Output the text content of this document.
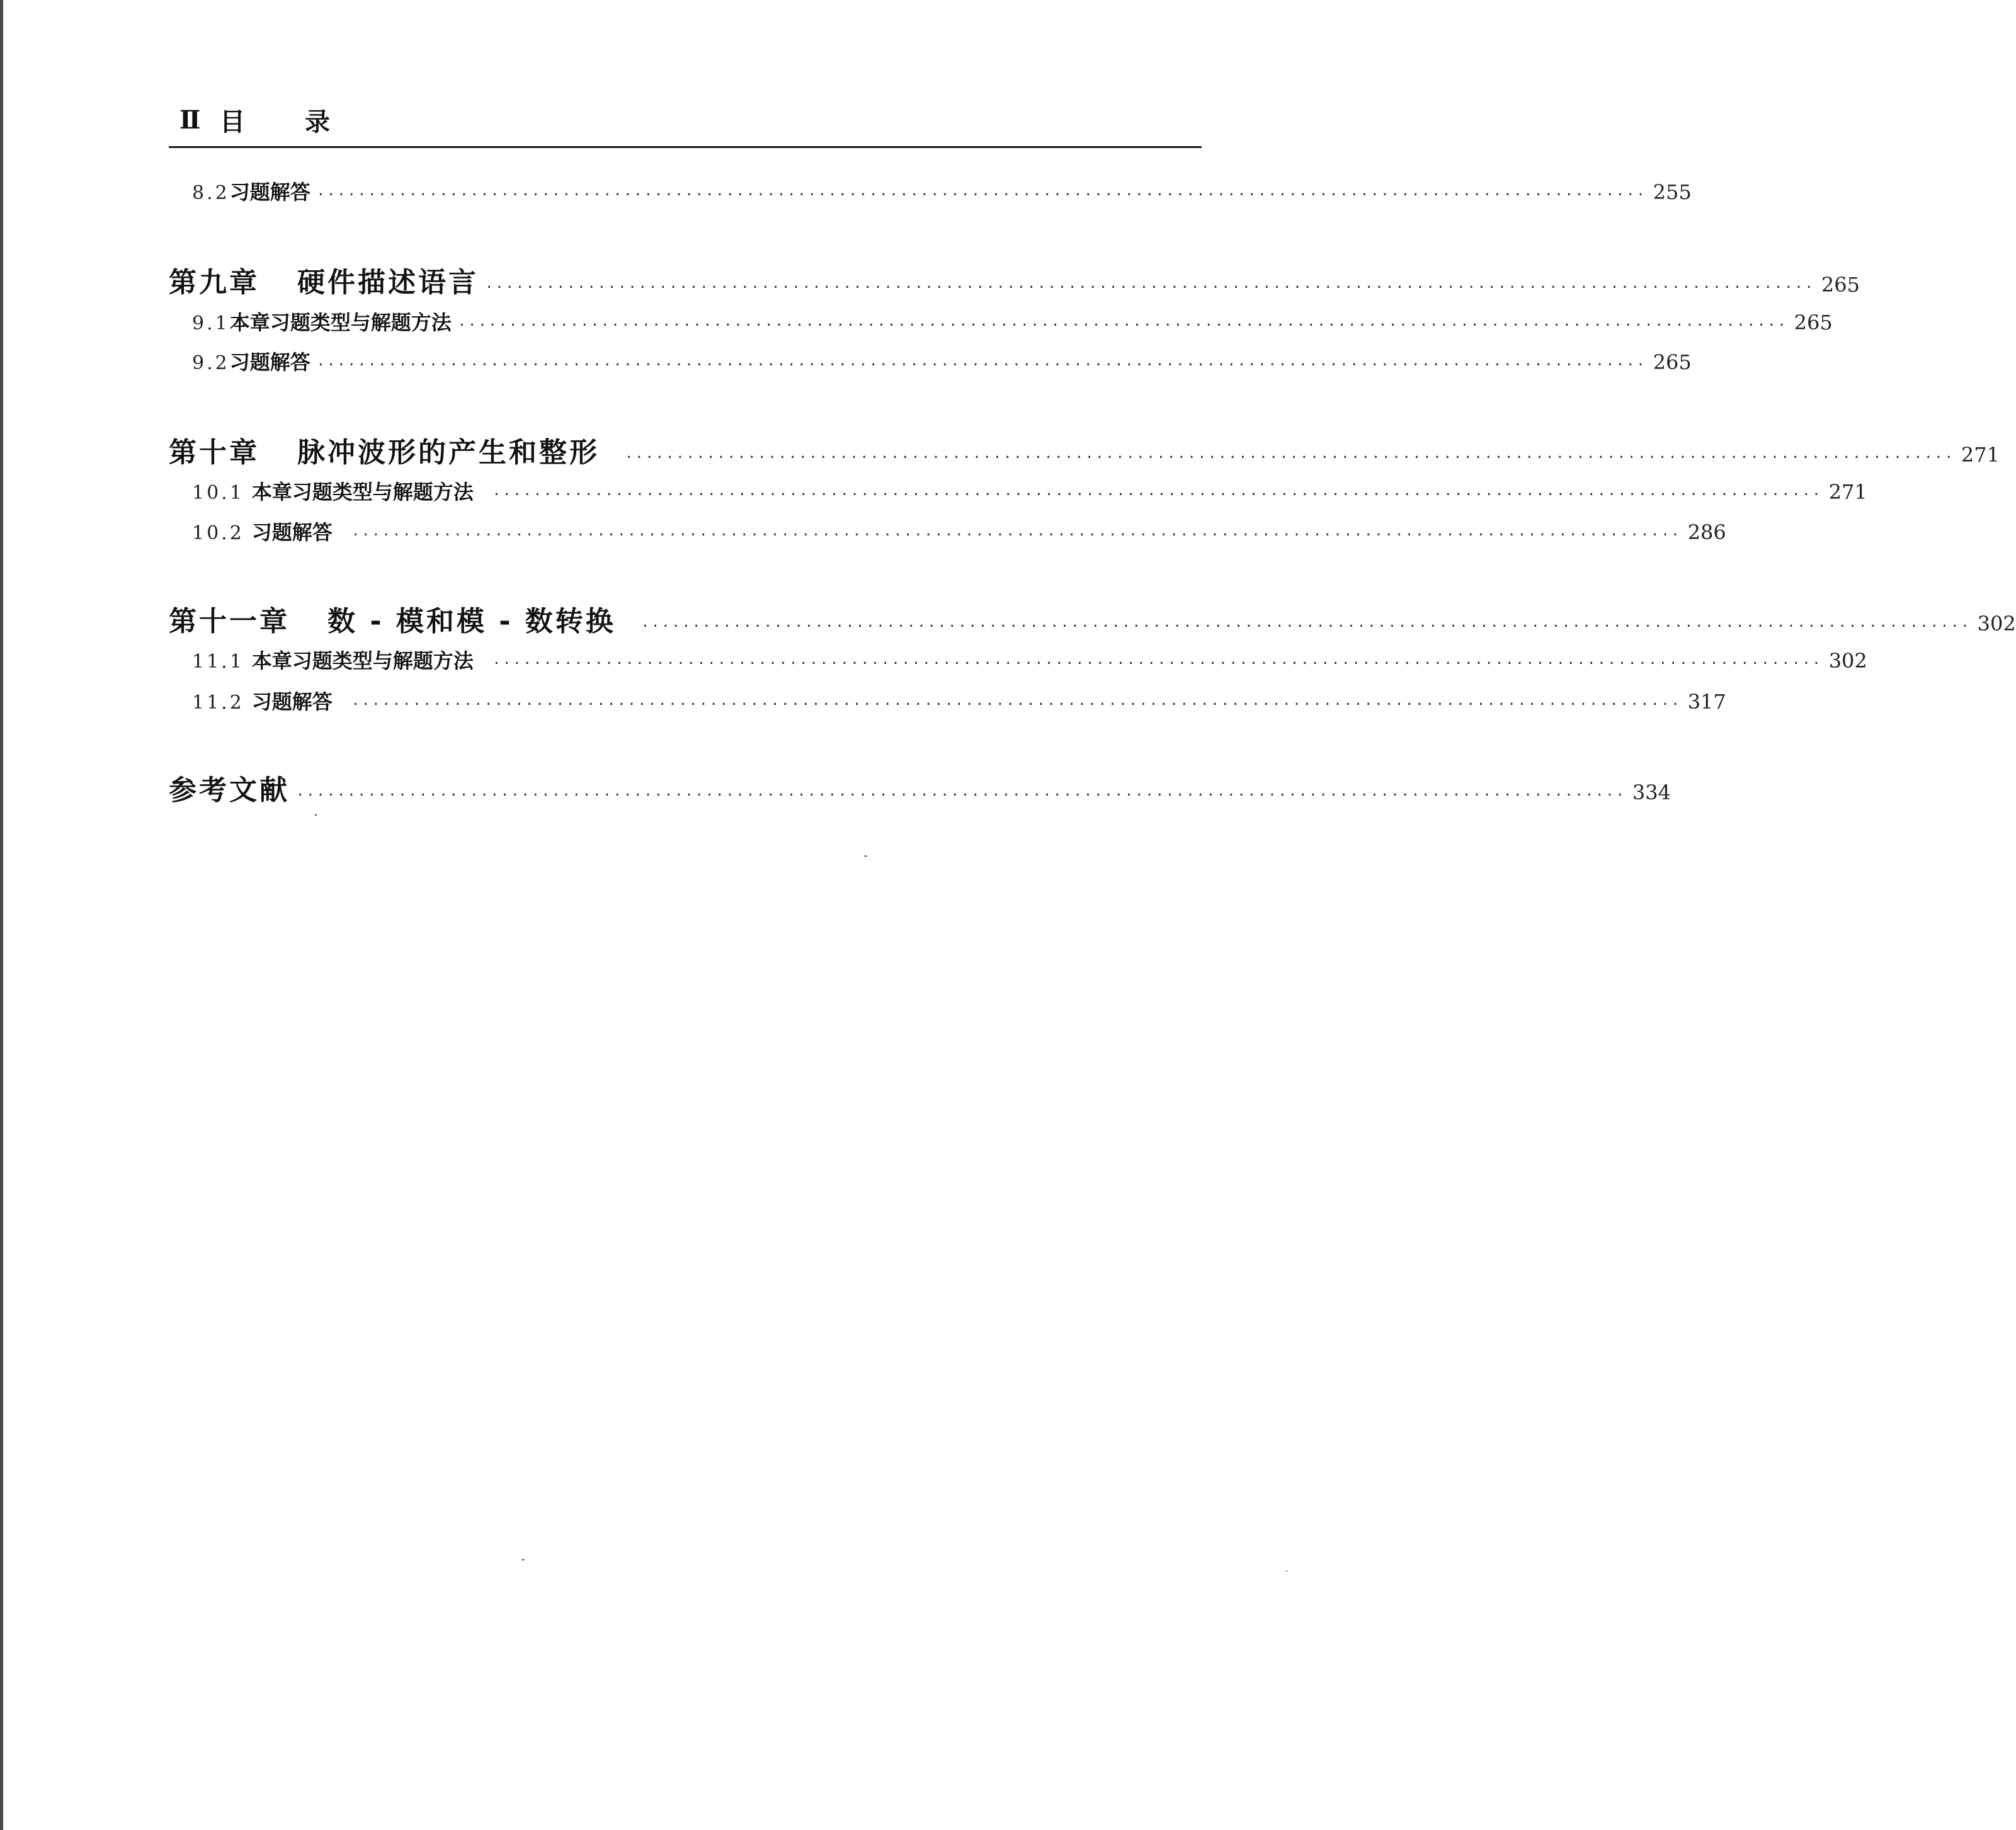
II 目 录
8.2 习题解答 ·································································································································· 255
第九章 硬件描述语言 ·································································································································· 265
9.1 本章习题类型与解题方法 ·································································································································· 265
9.2 习题解答 ·································································································································· 265
第十章 脉冲波形的产生和整形 ·································································································································· 271
10.1 本章习题类型与解题方法 ·································································································································· 271
10.2 习题解答 ·································································································································· 286
第十一章 数 - 模和模 - 数转换 ·································································································································· 302
11.1 本章习题类型与解题方法 ·································································································································· 302
11.2 习题解答 ·································································································································· 317
参考文献 ·································································································································· 334
